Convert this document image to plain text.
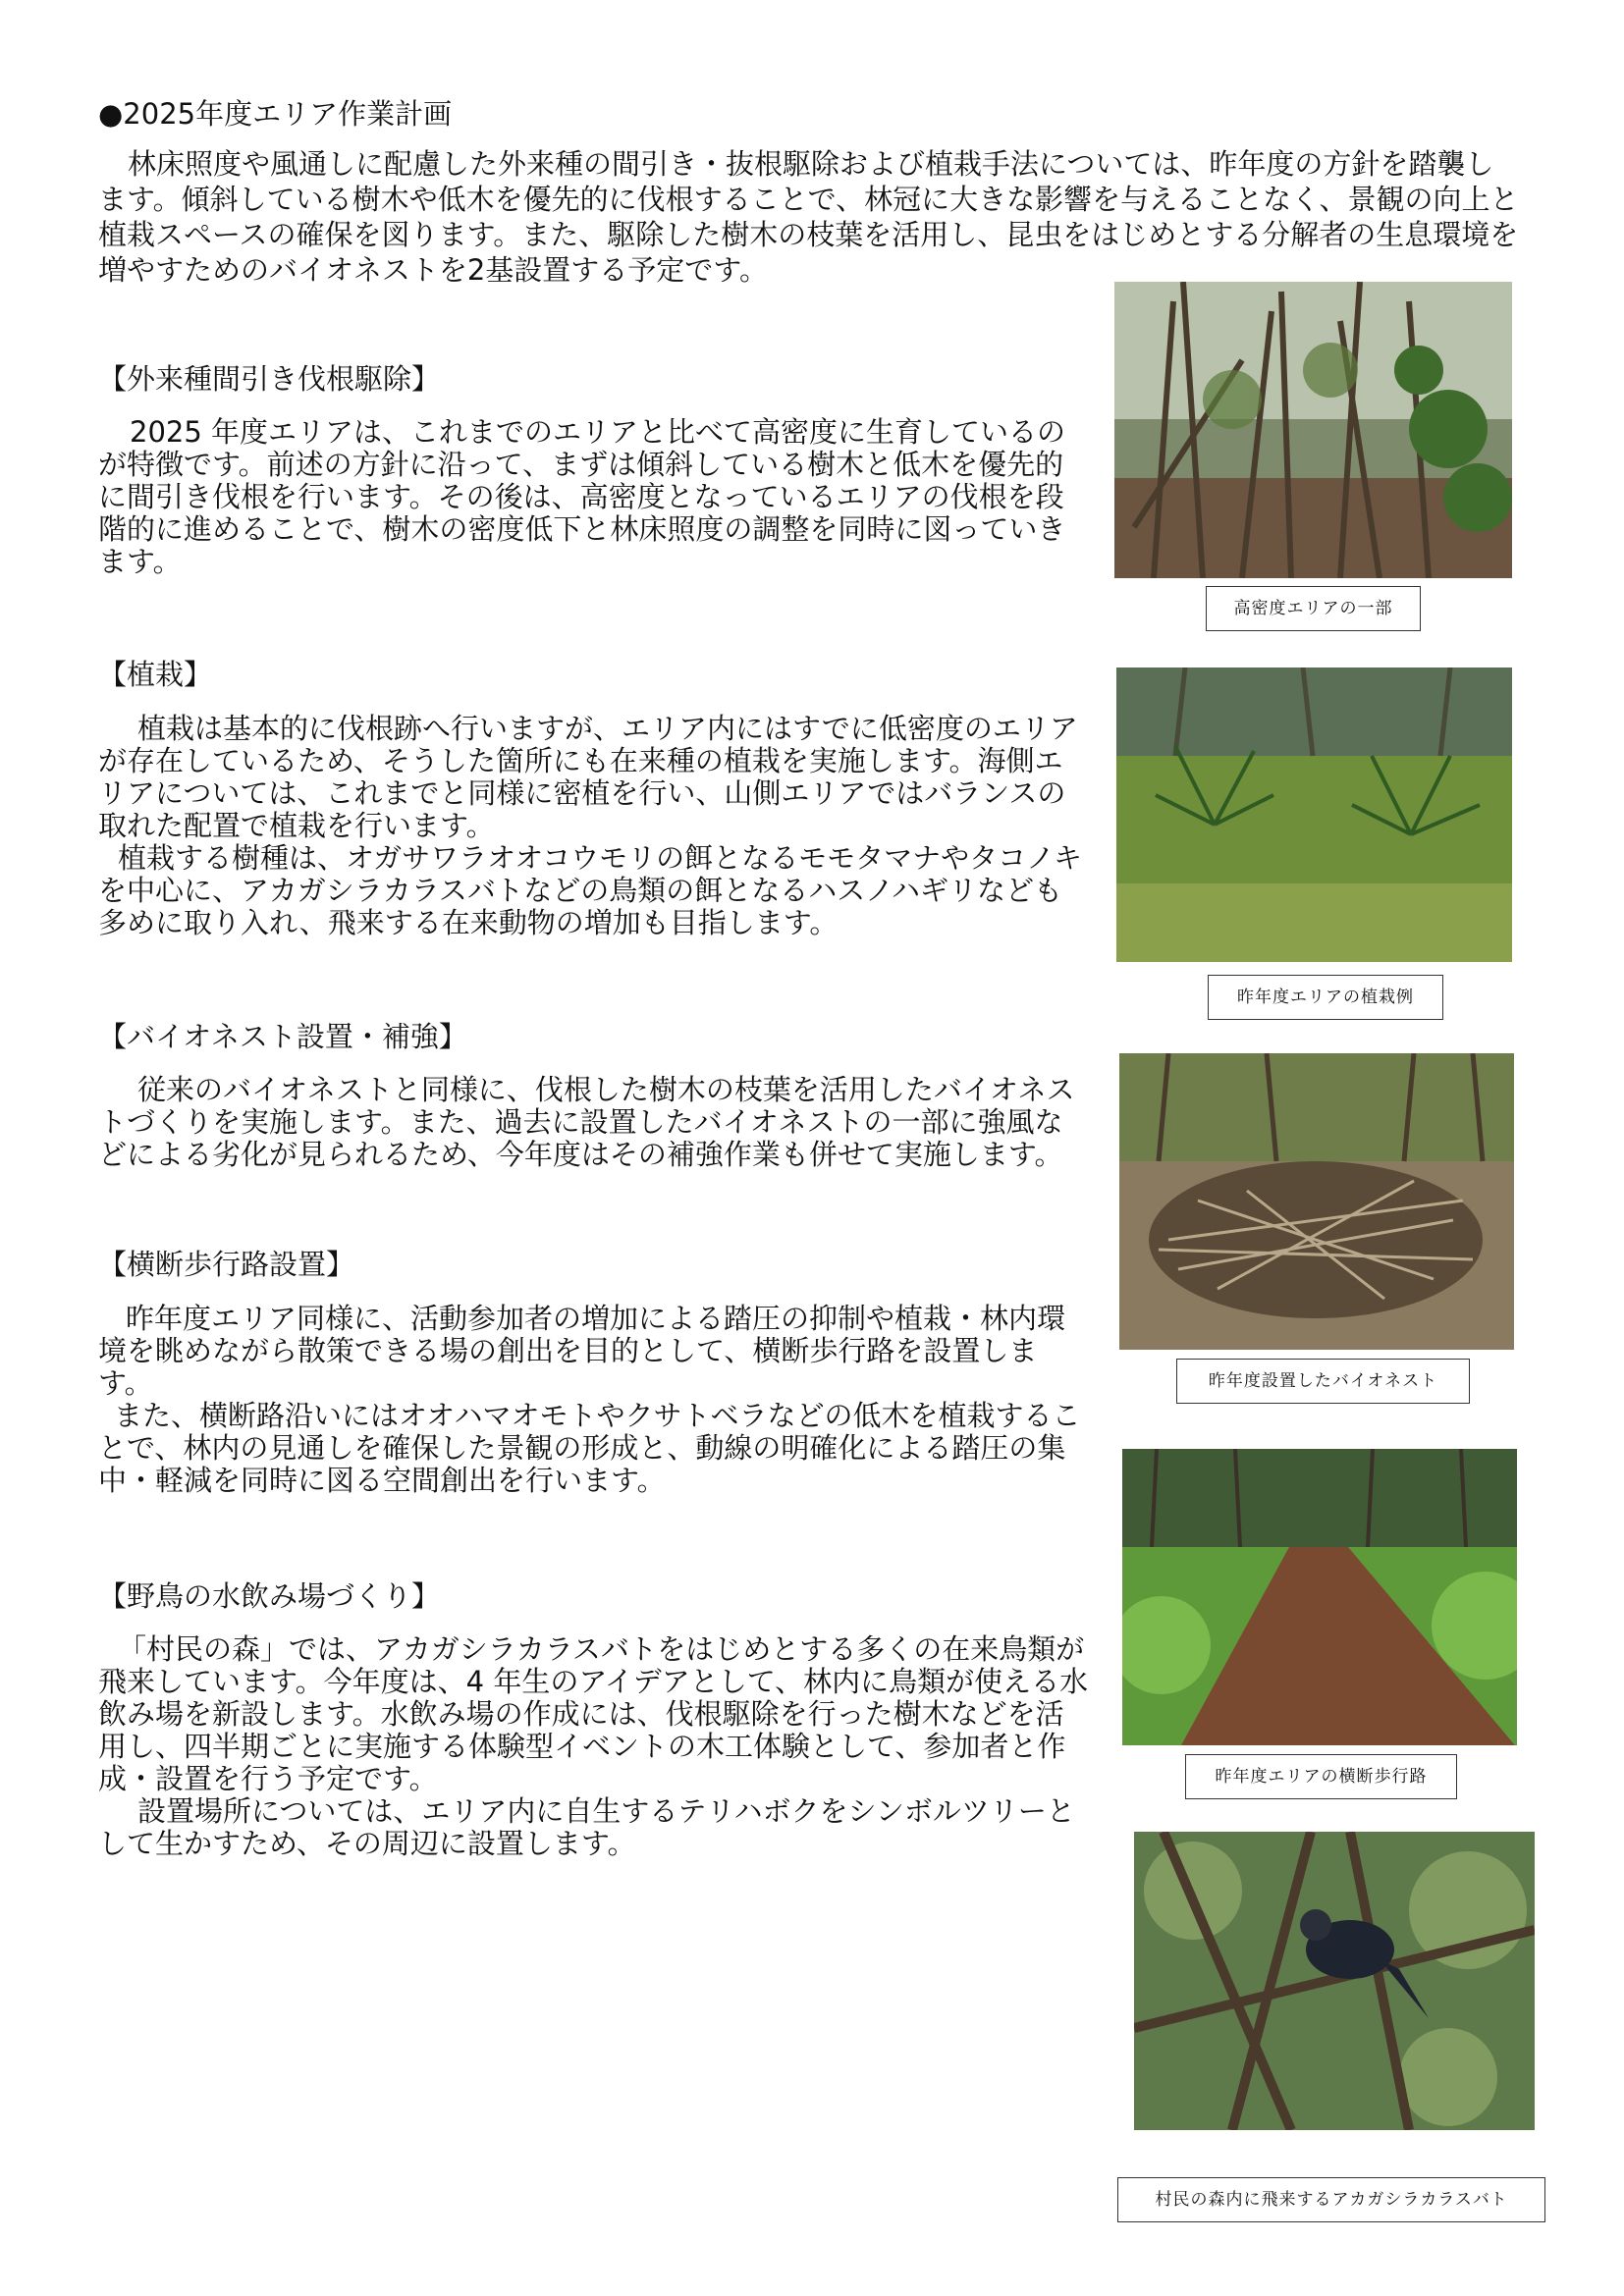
●2025年度エリア作業計画
林床照度や風通しに配慮した外来種の間引き・抜根駆除および植栽手法については、昨年度の方針を踏襲します。傾斜している樹木や低木を優先的に伐根することで、林冠に大きな影響を与えることなく、景観の向上と植栽スペースの確保を図ります。また、駆除した樹木の枝葉を活用し、昆虫をはじめとする分解者の生息環境を増やすためのバイオネストを2基設置する予定です。
【外来種間引き伐根駆除】

2025 年度エリアは、これまでのエリアと比べて高密度に生育しているのが特徴です。前述の方針に沿って、まずは傾斜している樹木と低木を優先的に間引き伐根を行います。その後は、高密度となっているエリアの伐根を段階的に進めることで、樹木の密度低下と林床照度の調整を同時に図っていきます。

【植栽】

植栽は基本的に伐根跡へ行いますが、エリア内にはすでに低密度のエリアが存在しているため、そうした箇所にも在来種の植栽を実施します。海側エリアについては、これまでと同様に密植を行い、山側エリアではバランスの取れた配置で植栽を行います。

植栽する樹種は、オガサワラオオコウモリの餌となるモモタマナやタコノキを中心に、アカガシラカラスバトなどの鳥類の餌となるハスノハギリなども多めに取り入れ、飛来する在来動物の増加も目指します。

【バイオネスト設置・補強】

従来のバイオネストと同様に、伐根した樹木の枝葉を活用したバイオネストづくりを実施します。また、過去に設置したバイオネストの一部に強風などによる劣化が見られるため、今年度はその補強作業も併せて実施します。

【横断歩行路設置】

昨年度エリア同様に、活動参加者の増加による踏圧の抑制や植栽・林内環境を眺めながら散策できる場の創出を目的として、横断歩行路を設置します。

また、横断路沿いにはオオハマオモトやクサトベラなどの低木を植栽することで、林内の見通しを確保した景観の形成と、動線の明確化による踏圧の集中・軽減を同時に図る空間創出を行います。

【野鳥の水飲み場づくり】

「村民の森」では、アカガシラカラスバトをはじめとする多くの在来鳥類が飛来しています。今年度は、4 年生のアイデアとして、林内に鳥類が使える水飲み場を新設します。水飲み場の作成には、伐根駆除を行った樹木などを活用し、四半期ごとに実施する体験型イベントの木工体験として、参加者と作成・設置を行う予定です。

設置場所については、エリア内に自生するテリハボクをシンボルツリーとして生かすため、その周辺に設置します。

高密度エリアの一部
昨年度エリアの植栽例
昨年度設置したバイオネスト
昨年度エリアの横断歩行路
村民の森内に飛来するアカガシラカラスバト
